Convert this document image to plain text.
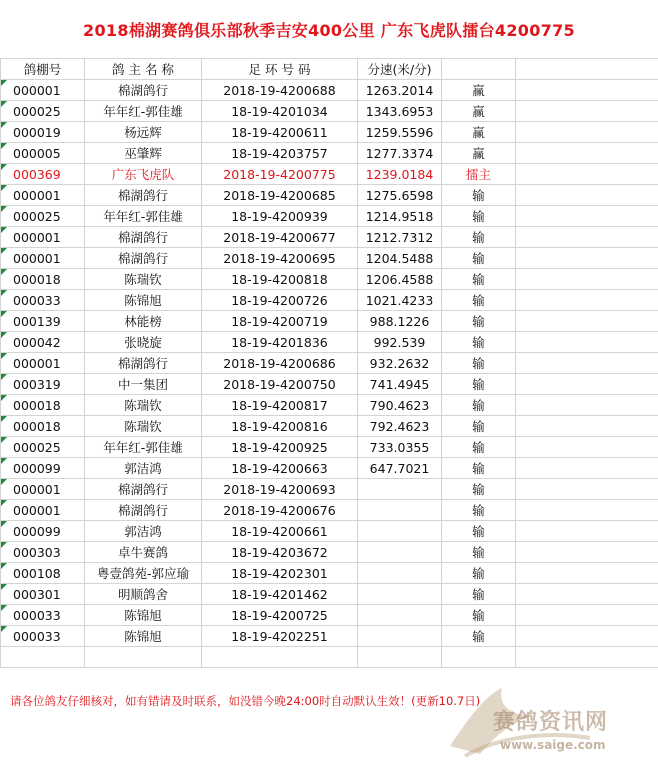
2018棉湖赛鸽俱乐部秋季吉安400公里 广东飞虎队擂台4200775
鸽棚号	鸽 主 名 称	足 环 号 码	分速(米/分)		
000001	棉湖鸽行	2018-19-4200688	1263.2014	赢	
000025	年年红-郭佳雄	18-19-4201034	1343.6953	赢	
000019	杨远辉	18-19-4200611	1259.5596	赢	
000005	巫肇辉	18-19-4203757	1277.3374	赢	
000369	广东飞虎队	2018-19-4200775	1239.0184	擂主	
000001	棉湖鸽行	2018-19-4200685	1275.6598	输	
000025	年年红-郭佳雄	18-19-4200939	1214.9518	输	
000001	棉湖鸽行	2018-19-4200677	1212.7312	输	
000001	棉湖鸽行	2018-19-4200695	1204.5488	输	
000018	陈瑞钦	18-19-4200818	1206.4588	输	
000033	陈锦旭	18-19-4200726	1021.4233	输	
000139	林能榜	18-19-4200719	988.1226	输	
000042	张晓旋	18-19-4201836	992.539	输	
000001	棉湖鸽行	2018-19-4200686	932.2632	输	
000319	中一集团	2018-19-4200750	741.4945	输	
000018	陈瑞钦	18-19-4200817	790.4623	输	
000018	陈瑞钦	18-19-4200816	792.4623	输	
000025	年年红-郭佳雄	18-19-4200925	733.0355	输	
000099	郭洁鸿	18-19-4200663	647.7021	输	
000001	棉湖鸽行	2018-19-4200693		输	
000001	棉湖鸽行	2018-19-4200676		输	
000099	郭洁鸿	18-19-4200661		输	
000303	卓牛赛鸽	18-19-4203672		输	
000108	粤壹鸽苑-郭应瑜	18-19-4202301		输	
000301	明顺鸽舍	18-19-4201462		输	
000033	陈锦旭	18-19-4200725		输	
000033	陈锦旭	18-19-4202251		输	

请各位鸽友仔细核对，如有错请及时联系，如没错今晚24:00时自动默认生效！(更新10.7日)
赛鸽资讯网
www.saige.com
